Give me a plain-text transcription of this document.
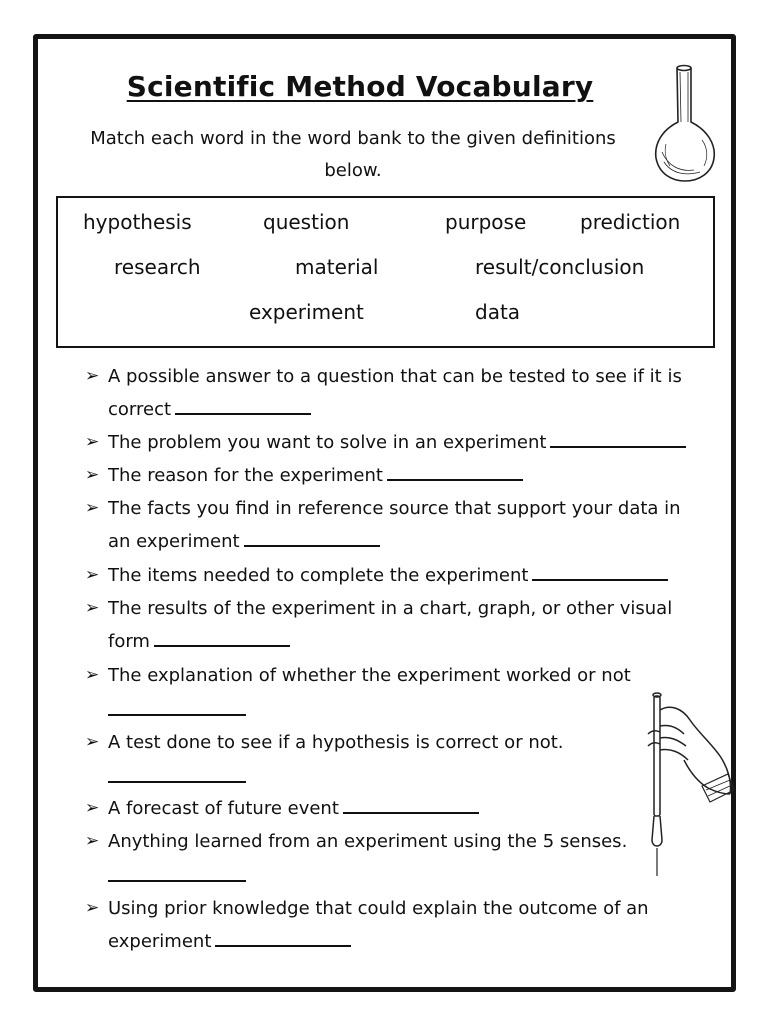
Scientific Method Vocabulary
Match each word in the word bank to the given definitions below.
hypothesis	question	purpose	prediction
research	material	result/conclusion
experiment	data
➢ A possible answer to a question that can be tested to see if it is
correct
➢ The problem you want to solve in an experiment
➢ The reason for the experiment
➢ The facts you find in reference source that support your data in
an experiment
➢ The items needed to complete the experiment
➢ The results of the experiment in a chart, graph, or other visual
form
➢ The explanation of whether the experiment worked or not
➢ A test done to see if a hypothesis is correct or not.
➢ A forecast of future event
➢ Anything learned from an experiment using the 5 senses.
➢ Using prior knowledge that could explain the outcome of an
experiment
